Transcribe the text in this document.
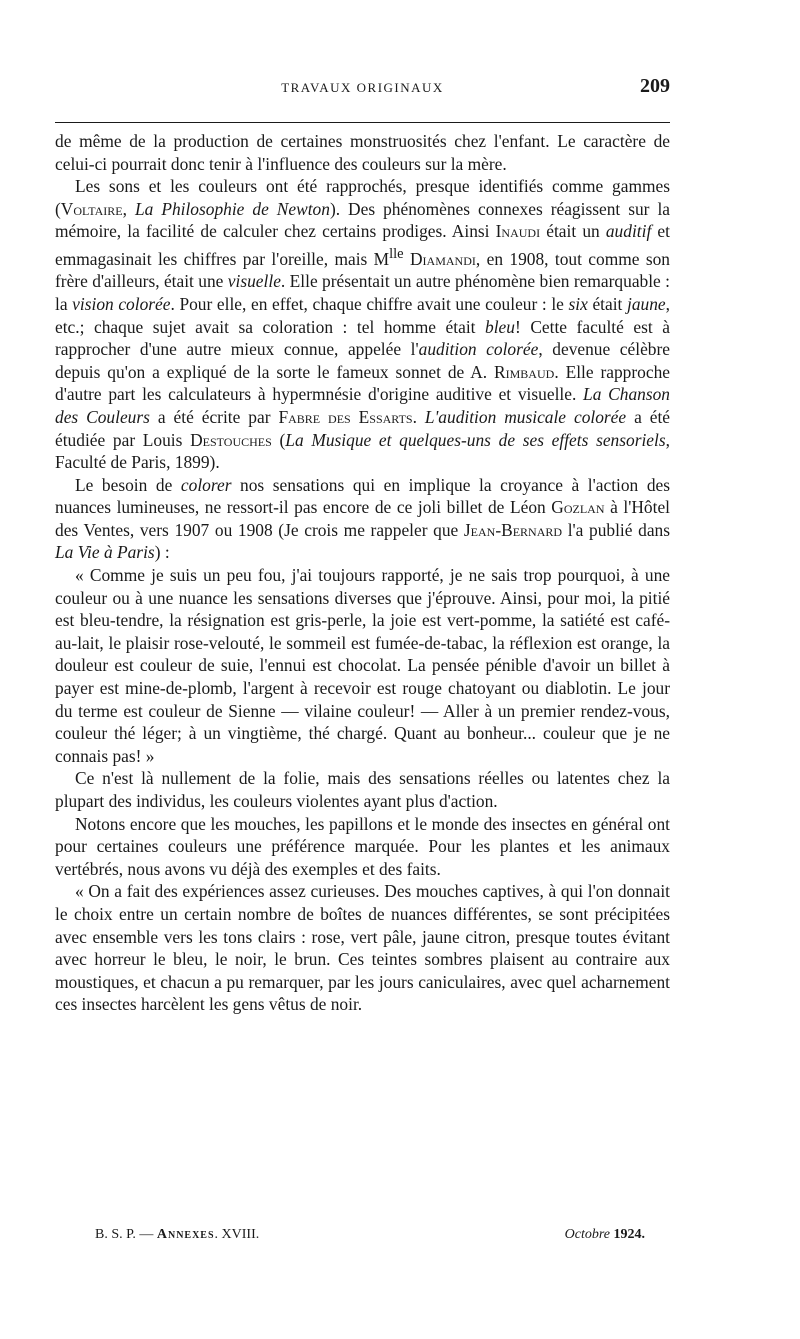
TRAVAUX ORIGINAUX	209

de même de la production de certaines monstruosités chez l'enfant. Le caractère de celui-ci pourrait donc tenir à l'influence des couleurs sur la mère.

Les sons et les couleurs ont été rapprochés, presque identifiés comme gammes (Voltaire, La Philosophie de Newton). Des phénomènes connexes réagissent sur la mémoire, la facilité de calculer chez certains prodiges. Ainsi Inaudi était un auditif et emmagasinait les chiffres par l'oreille, mais $M^{lle}$ Diamandi, en 1908, tout comme son frère d'ailleurs, était une visuelle. Elle présentait un autre phénomène bien remarquable : la vision colorée. Pour elle, en effet, chaque chiffre avait une couleur : le six était jaune, etc.; chaque sujet avait sa coloration : tel homme était bleu! Cette faculté est à rapprocher d'une autre mieux connue, appelée l'audition colorée, devenue célèbre depuis qu'on a expliqué de la sorte le fameux sonnet de A. Rimbaud. Elle rapproche d'autre part les calculateurs à hypermnésie d'origine auditive et visuelle. La Chanson des Couleurs a été écrite par Fabre des Essarts. L'audition musicale colorée a été étudiée par Louis Destouches (La Musique et quelques-uns de ses effets sensoriels, Faculté de Paris, 1899).

Le besoin de colorer nos sensations qui en implique la croyance à l'action des nuances lumineuses, ne ressort-il pas encore de ce joli billet de Léon Gozlan à l'Hôtel des Ventes, vers 1907 ou 1908 (Je crois me rappeler que Jean-Bernard l'a publié dans La Vie à Paris) :

« Comme je suis un peu fou, j'ai toujours rapporté, je ne sais trop pourquoi, à une couleur ou à une nuance les sensations diverses que j'éprouve. Ainsi, pour moi, la pitié est bleu-tendre, la résignation est gris-perle, la joie est vert-pomme, la satiété est café-au-lait, le plaisir rose-velouté, le sommeil est fumée-de-tabac, la réflexion est orange, la douleur est couleur de suie, l'ennui est chocolat. La pensée pénible d'avoir un billet à payer est mine-de-plomb, l'argent à recevoir est rouge chatoyant ou diablotin. Le jour du terme est couleur de Sienne — vilaine couleur! — Aller à un premier rendez-vous, couleur thé léger; à un vingtième, thé chargé. Quant au bonheur... couleur que je ne connais pas! »

Ce n'est là nullement de la folie, mais des sensations réelles ou latentes chez la plupart des individus, les couleurs violentes ayant plus d'action.

Notons encore que les mouches, les papillons et le monde des insectes en général ont pour certaines couleurs une préférence marquée. Pour les plantes et les animaux vertébrés, nous avons vu déjà des exemples et des faits.

« On a fait des expériences assez curieuses. Des mouches captives, à qui l'on donnait le choix entre un certain nombre de boîtes de nuances différentes, se sont précipitées avec ensemble vers les tons clairs : rose, vert pâle, jaune citron, presque toutes évitant avec horreur le bleu, le noir, le brun. Ces teintes sombres plaisent au contraire aux moustiques, et chacun a pu remarquer, par les jours caniculaires, avec quel acharnement ces insectes harcèlent les gens vêtus de noir.

B. S. P. — Annexes. XVIII.	Octobre 1924.
